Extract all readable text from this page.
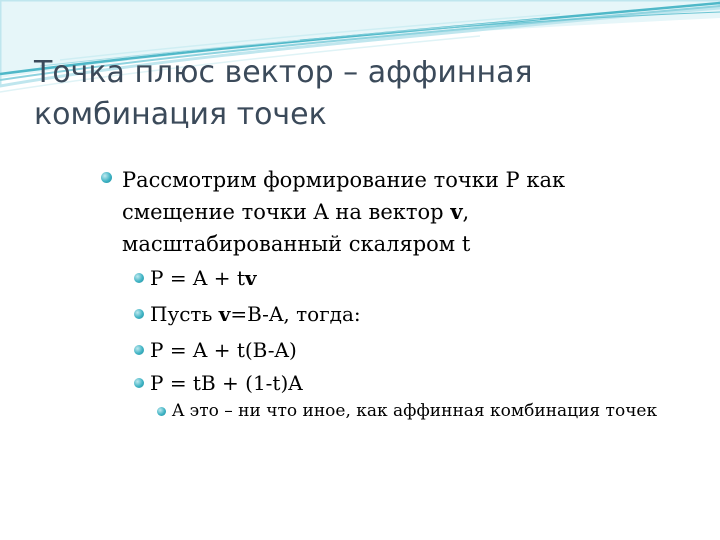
Точка плюс вектор – аффинная
комбинация точек
Рассмотрим формирование точки P как
смещение точки A на вектор v,
масштабированный скаляром t
P = A + tv
Пусть v=B-A, тогда:
P = A + t(B-A)
P = tB + (1-t)A
A это – ни что иное, как аффинная комбинация точек
